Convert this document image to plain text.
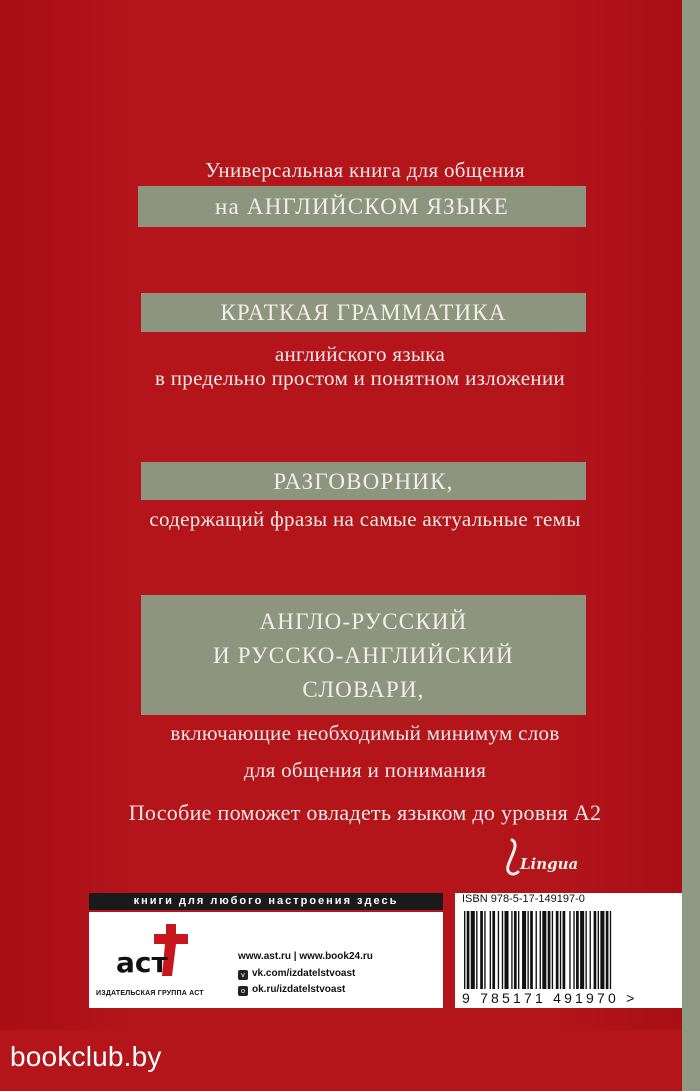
Универсальная книга для общения
на АНГЛИЙСКОМ ЯЗЫКЕ
КРАТКАЯ ГРАММАТИКА
английского языка
в предельно простом и понятном изложении
РАЗГОВОРНИК,
содержащий фразы на самые актуальные темы
АНГЛО-РУССКИЙ
И РУССКО-АНГЛИЙСКИЙ
СЛОВАРИ,
включающие необходимый минимум слов
для общения и понимания
Пособие поможет овладеть языком до уровня А2
Lingua
книги для любого настроения здесь
аст
ИЗДАТЕЛЬСКАЯ ГРУППА АСТ
www.ast.ru | www.book24.ru
v vk.com/izdatelstvoast
o ok.ru/izdatelstvoast
ISBN 978-5-17-149197-0
9 785171 491970 >
bookclub.by
